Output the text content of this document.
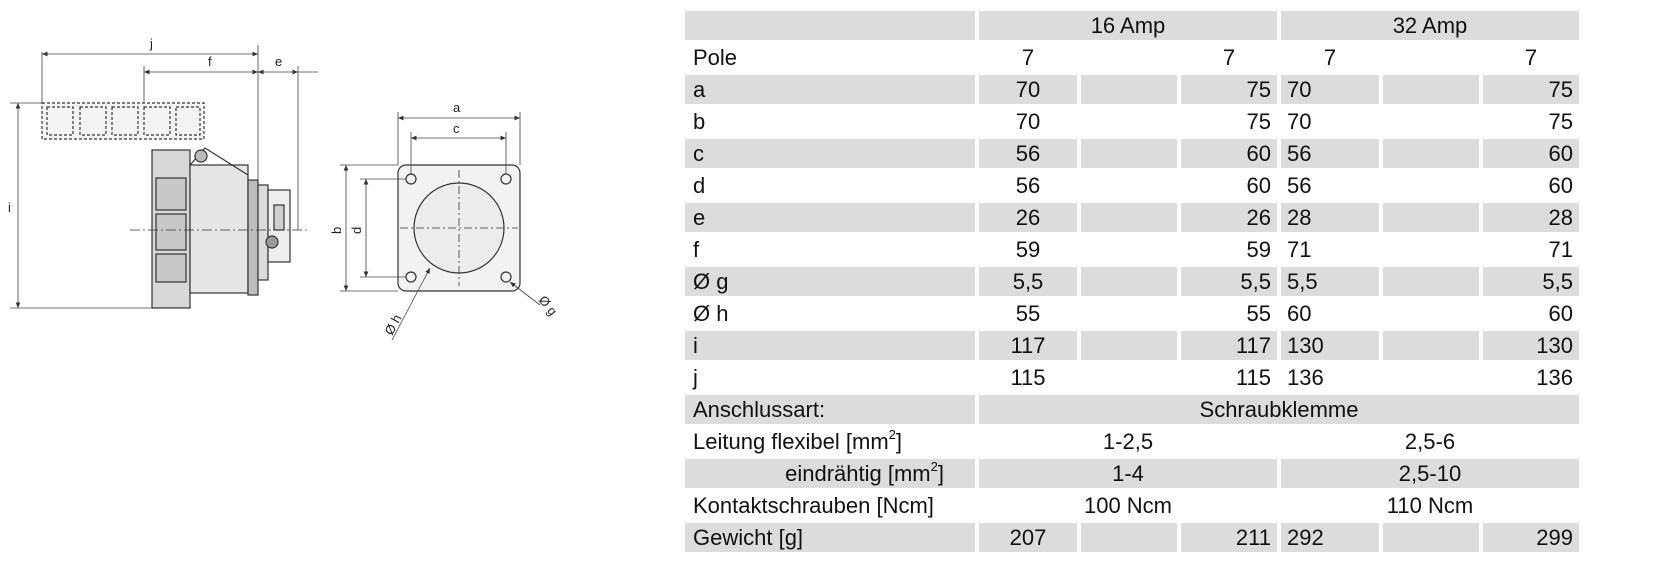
j
f	e
i
a
c
b d
Ø h
Ø g
	16 Amp			32 Amp		
Pole	7		7	7		7
a	70		75	70		75
b	70		75	70		75
c	56		60	56		60
d	56		60	56		60
e	26		26	28		28
f	59		59	71		71
Ø g	5,5		5,5	5,5		5,5
Ø h	55		55	60		60
i	117		117	130		130
j	115		115	136		136
Anschlussart:	Schraubklemme					
Leitung flexibel $[mm^2]$	1-2,5			2,5-6		
eindrähtig $[mm^2]$	1-4			2,5-10		
Kontaktschrauben [Ncm]	100 Ncm			110 Ncm		
Gewicht [g]	207		211	292		299
